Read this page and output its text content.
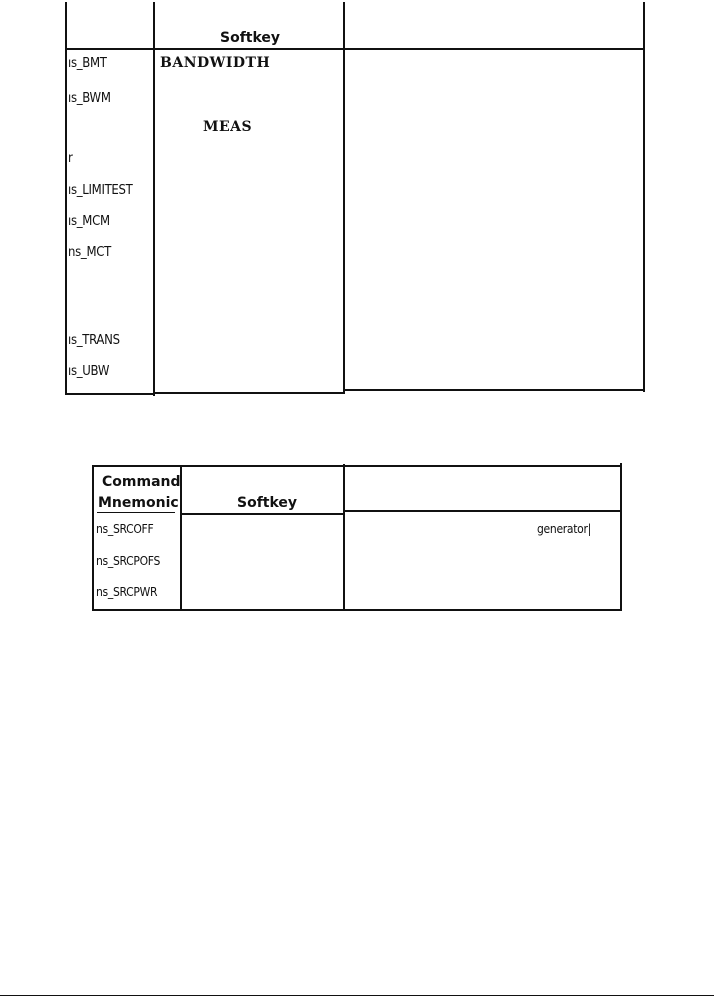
Softkey
ıs_BMT
ıs_BWM
r
ıs_LIMITEST
ıs_MCM
ns_MCT
ıs_TRANS
ıs_UBW
BANDWIDTH
MEAS
Command
Mnemonic	Softkey
ns_SRCOFF
ns_SRCPOFS
ns_SRCPWR
generator|
